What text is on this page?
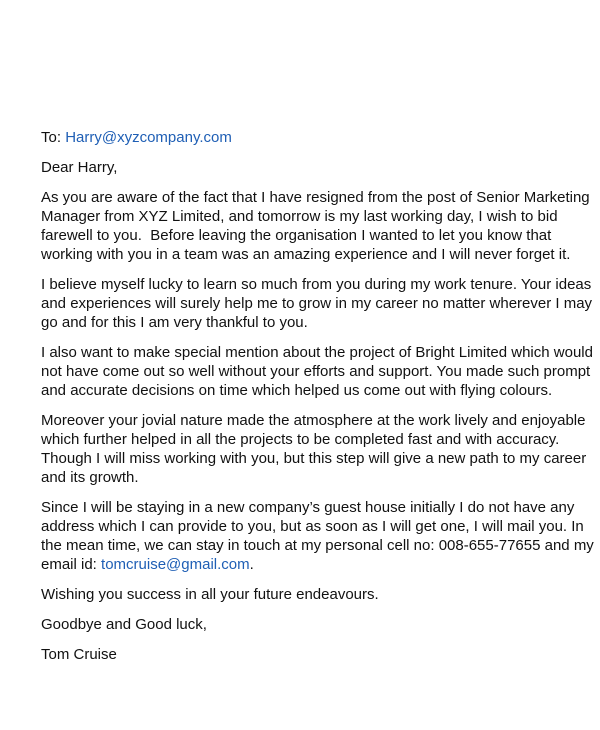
To: Harry@xyzcompany.com

Dear Harry,

As you are aware of the fact that I have resigned from the post of Senior Marketing

Manager from XYZ Limited, and tomorrow is my last working day, I wish to bid

farewell to you.  Before leaving the organisation I wanted to let you know that

working with you in a team was an amazing experience and I will never forget it.

I believe myself lucky to learn so much from you during my work tenure. Your ideas

and experiences will surely help me to grow in my career no matter wherever I may

go and for this I am very thankful to you.

I also want to make special mention about the project of Bright Limited which would

not have come out so well without your efforts and support. You made such prompt

and accurate decisions on time which helped us come out with flying colours.

Moreover your jovial nature made the atmosphere at the work lively and enjoyable

which further helped in all the projects to be completed fast and with accuracy.

Though I will miss working with you, but this step will give a new path to my career

and its growth.

Since I will be staying in a new company’s guest house initially I do not have any

address which I can provide to you, but as soon as I will get one, I will mail you. In

the mean time, we can stay in touch at my personal cell no: 008-655-77655 and my

email id: tomcruise@gmail.com.

Wishing you success in all your future endeavours.

Goodbye and Good luck,

Tom Cruise
